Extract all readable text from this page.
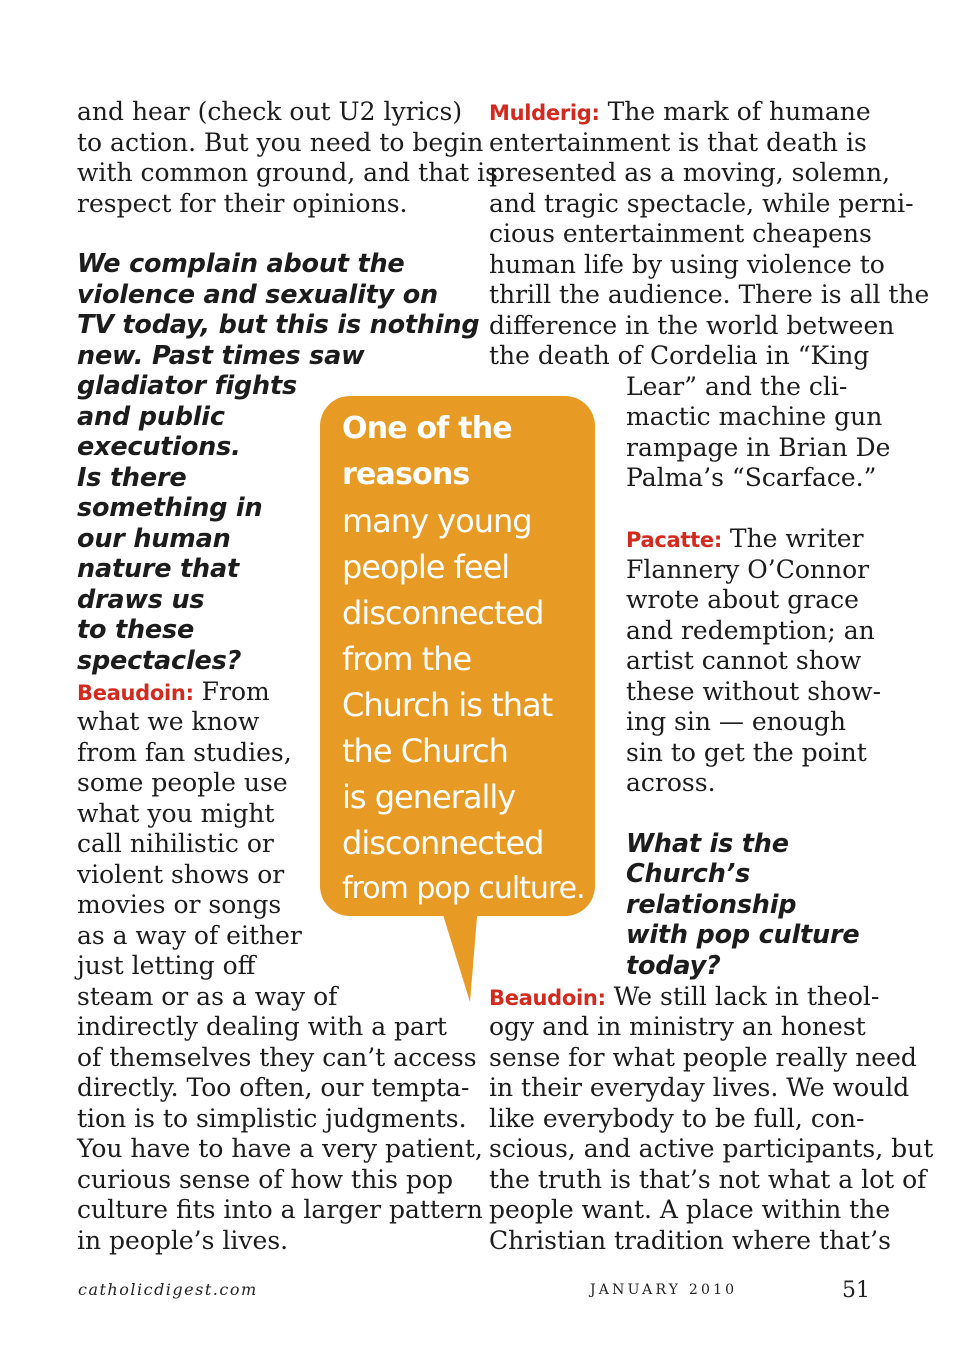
and hear (check out U2 lyrics)
to action. But you need to begin
with common ground, and that is
respect for their opinions.
We complain about the
violence and sexuality on
TV today, but this is nothing
new. Past times saw
gladiator fights
and public
executions.
Is there
something in
our human
nature that
draws us
to these
spectacles?
Beaudoin: From
what we know
from fan studies,
some people use
what you might
call nihilistic or
violent shows or
movies or songs
as a way of either
just letting off
steam or as a way of
indirectly dealing with a part
of themselves they can’t access
directly. Too often, our tempta-
tion is to simplistic judgments.
You have to have a very patient,
curious sense of how this pop
culture fits into a larger pattern
in people’s lives.
One of the
reasons
many young
people feel
disconnected
from the
Church is that
the Church
is generally
disconnected
from pop culture.
Mulderig: The mark of humane
entertainment is that death is
presented as a moving, solemn,
and tragic spectacle, while perni-
cious entertainment cheapens
human life by using violence to
thrill the audience. There is all the
difference in the world between
the death of Cordelia in “King
Lear” and the cli-
mactic machine gun
rampage in Brian De
Palma’s “Scarface.”
Pacatte: The writer
Flannery O’Connor
wrote about grace
and redemption; an
artist cannot show
these without show-
ing sin — enough
sin to get the point
across.
What is the
Church’s
relationship
with pop culture
today?
Beaudoin: We still lack in theol-
ogy and in ministry an honest
sense for what people really need
in their everyday lives. We would
like everybody to be full, con-
scious, and active participants, but
the truth is that’s not what a lot of
people want. A place within the
Christian tradition where that’s
catholicdigest.com	JANUARY 2010	51
